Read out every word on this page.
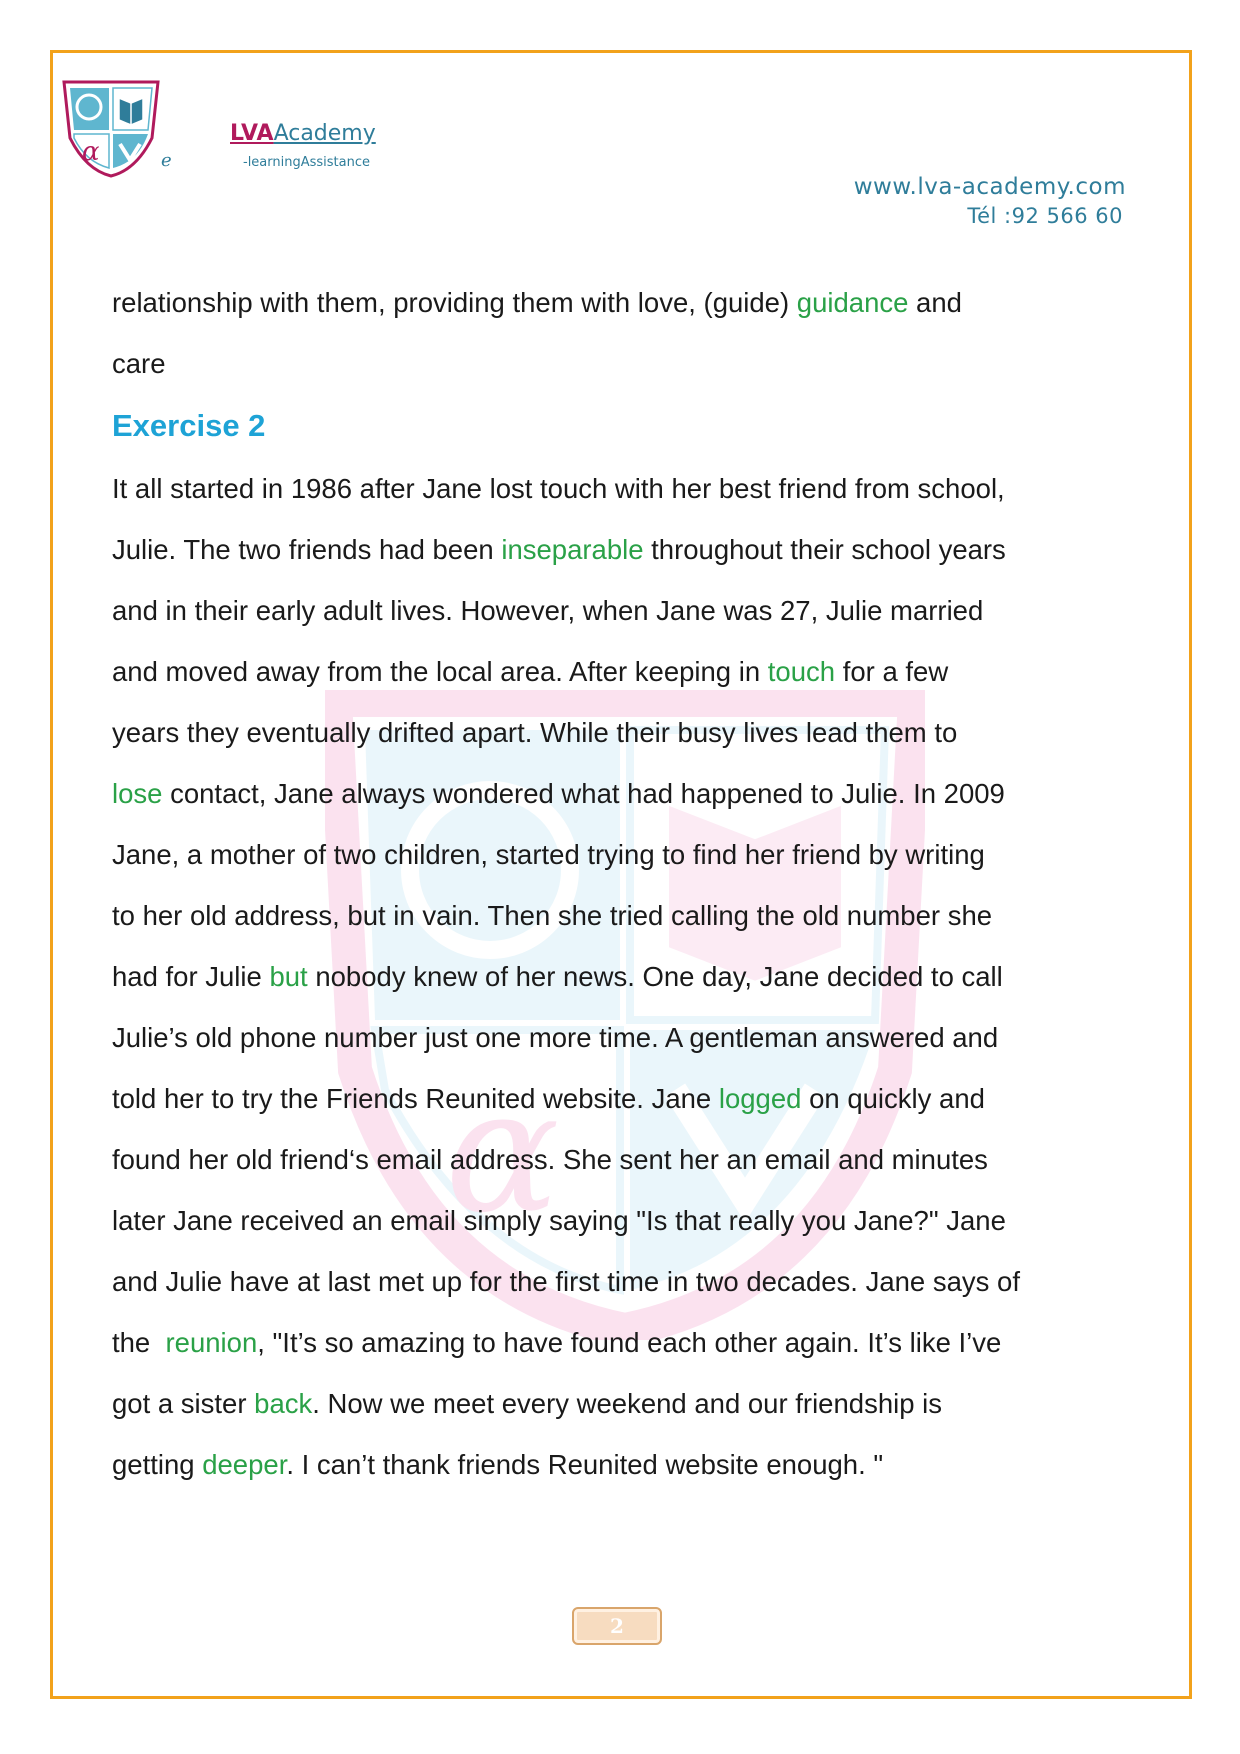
α	e
LVAAcademy
-learningAssistance
www.lva-academy.com
Tél :92 566 60
α

relationship with them, providing them with love, (guide) guidance and

care

Exercise 2

It all started in 1986 after Jane lost touch with her best friend from school,

Julie. The two friends had been inseparable throughout their school years

and in their early adult lives. However, when Jane was 27, Julie married

and moved away from the local area. After keeping in touch for a few

years they eventually drifted apart. While their busy lives lead them to

lose contact, Jane always wondered what had happened to Julie. In 2009

Jane, a mother of two children, started trying to find her friend by writing

to her old address, but in vain. Then she tried calling the old number she

had for Julie but nobody knew of her news. One day, Jane decided to call

Julie’s old phone number just one more time. A gentleman answered and

told her to try the Friends Reunited website. Jane logged on quickly and

found her old friend‘s email address. She sent her an email and minutes

later Jane received an email simply saying "Is that really you Jane?" Jane

and Julie have at last met up for the first time in two decades. Jane says of

the  reunion, "It’s so amazing to have found each other again. It’s like I’ve

got a sister back. Now we meet every weekend and our friendship is

getting deeper. I can’t thank friends Reunited website enough. "

2
